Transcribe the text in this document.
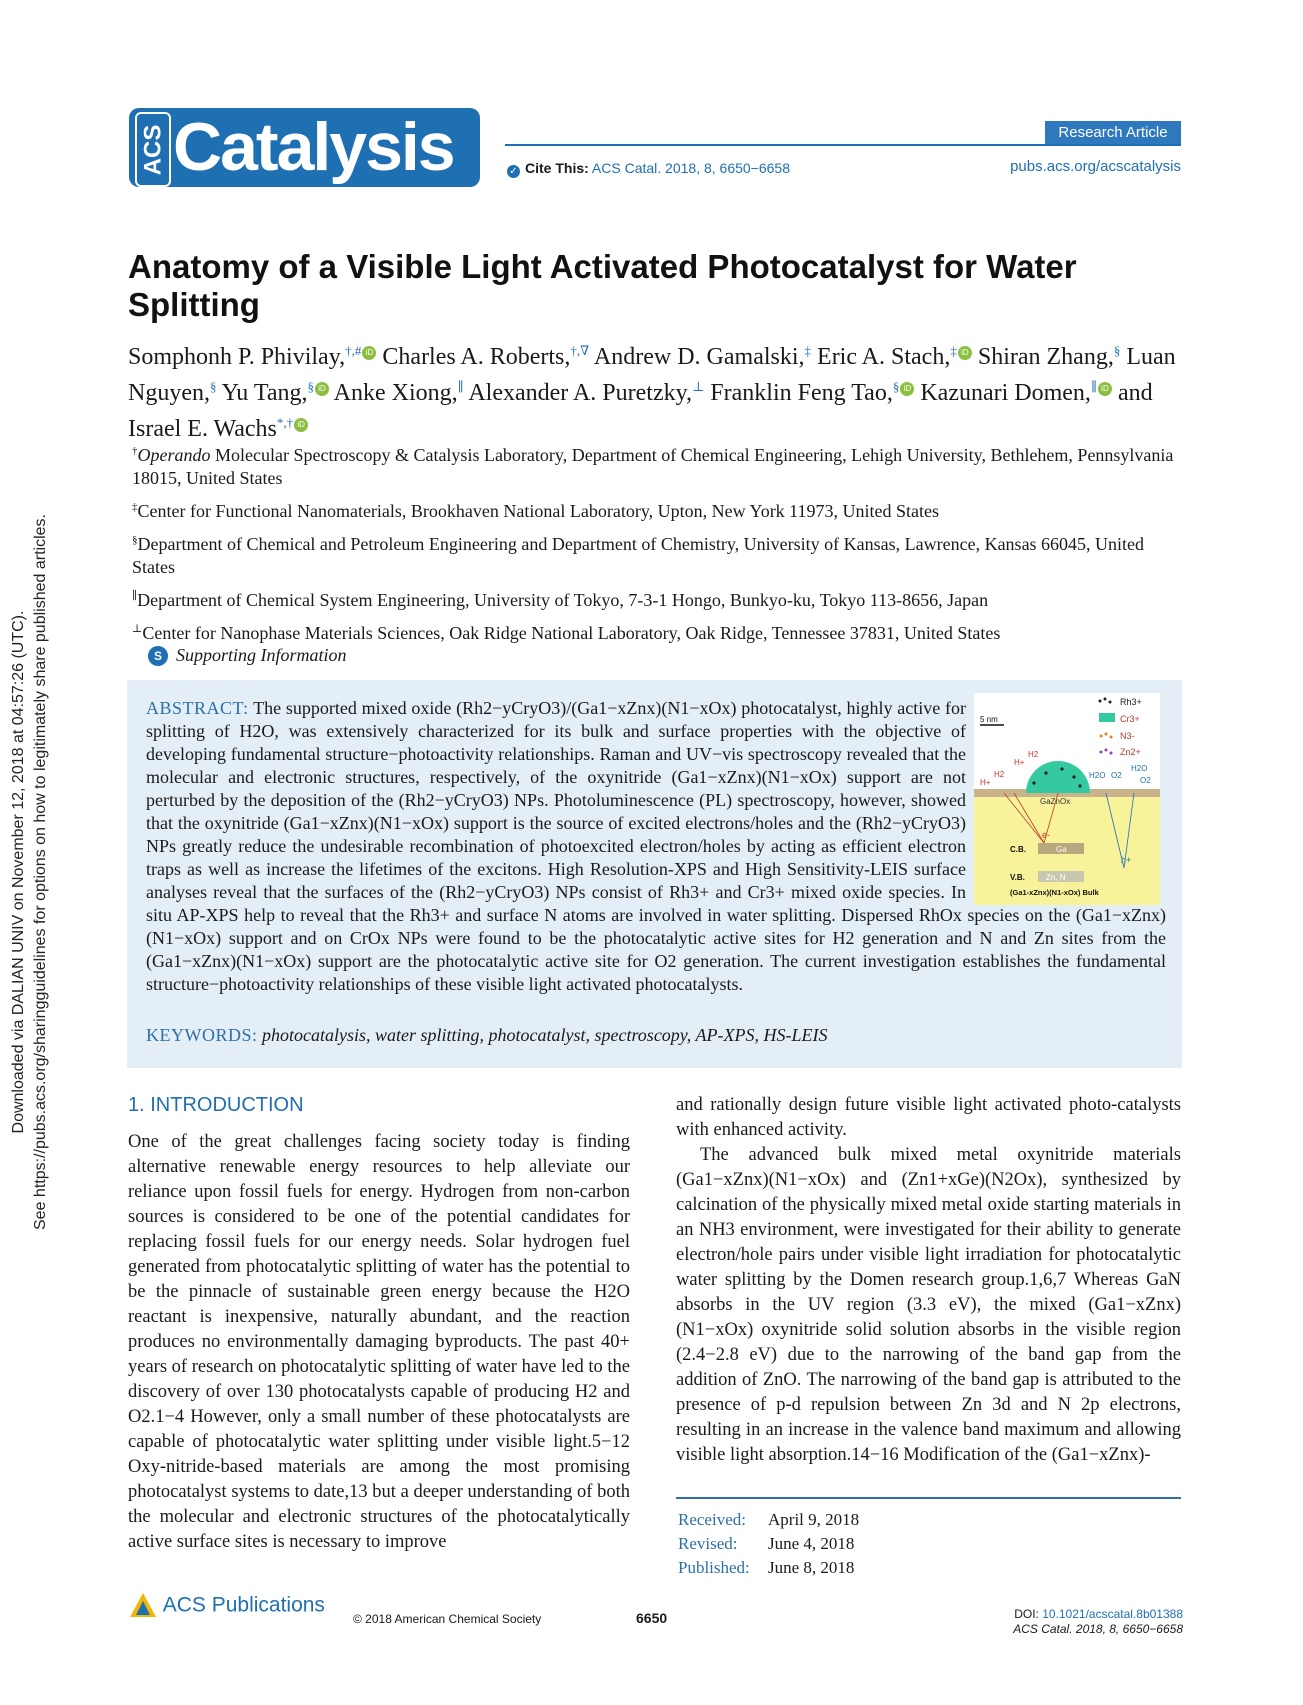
Downloaded via DALIAN UNIV on November 12, 2018 at 04:57:26 (UTC). See https://pubs.acs.org/sharingguidelines for options on how to legitimately share published articles.
ACS Catalysis	Research Article
✓ Cite This: ACS Catal. 2018, 8, 6650−6658	pubs.acs.org/acscatalysis
Anatomy of a Visible Light Activated Photocatalyst for Water Splitting
Somphonh P. Phivilay,†,# iD Charles A. Roberts,†,∇ Andrew D. Gamalski,‡ Eric A. Stach,‡ iD Shiran Zhang,§ Luan Nguyen,§ Yu Tang,§ iD Anke Xiong,∥ Alexander A. Puretzky,⊥ Franklin Feng Tao,§ iD Kazunari Domen,∥ iD and Israel E. Wachs*,† iD
†Operando Molecular Spectroscopy & Catalysis Laboratory, Department of Chemical Engineering, Lehigh University, Bethlehem, Pennsylvania 18015, United States
‡Center for Functional Nanomaterials, Brookhaven National Laboratory, Upton, New York 11973, United States
§Department of Chemical and Petroleum Engineering and Department of Chemistry, University of Kansas, Lawrence, Kansas 66045, United States
∥Department of Chemical System Engineering, University of Tokyo, 7-3-1 Hongo, Bunkyo-ku, Tokyo 113-8656, Japan
⊥Center for Nanophase Materials Sciences, Oak Ridge National Laboratory, Oak Ridge, Tennessee 37831, United States
S Supporting Information
ABSTRACT: The supported mixed oxide (Rh2−yCryO3)/(Ga1−xZnx)(N1−xOx) photocatalyst, highly active for splitting of H2O, was extensively characterized for its bulk and surface properties with the objective of developing fundamental structure−photoactivity relationships. Raman and UV−vis spectroscopy revealed that the molecular and electronic structures, respectively, of the oxynitride (Ga1−xZnx)(N1−xOx) support are not perturbed by the deposition of the (Rh2−yCryO3) NPs. Photoluminescence (PL) spectroscopy, however, showed that the oxynitride (Ga1−xZnx)(N1−xOx) support is the source of excited electrons/holes and the (Rh2−yCryO3) NPs greatly reduce the undesirable recombination of photoexcited electron/holes by acting as efficient electron traps as well as increase the lifetimes of the excitons. High Resolution-XPS and High Sensitivity-LEIS surface analyses reveal that the surfaces of the (Rh2−yCryO3) NPs consist of Rh3+ and Cr3+ mixed oxide species. In situ AP-XPS help to reveal that the Rh3+ and surface N atoms are involved in water splitting. Dispersed RhOx species on the (Ga1−xZnx)(N1−xOx) support and on CrOx NPs were found to be the photocatalytic active sites for H2 generation and N and Zn sites from the (Ga1−xZnx)(N1−xOx) support are the photocatalytic active site for O2 generation. The current investigation establishes the fundamental structure−photoactivity relationships of these visible light activated photocatalysts.
KEYWORDS: photocatalysis, water splitting, photocatalyst, spectroscopy, AP-XPS, HS-LEIS
Rh3+
Cr3+
N3-
Zn2+
5 nm
GaZnOx
H+
H2
H+
H2
H2O O2
H2O
O2
e-
h+
Ga
C.B.
Zn, N
V.B.
(Ga1-xZnx)(N1-xOx) Bulk
1. INTRODUCTION
One of the great challenges facing society today is finding alternative renewable energy resources to help alleviate our reliance upon fossil fuels for energy. Hydrogen from non-carbon sources is considered to be one of the potential candidates for replacing fossil fuels for our energy needs. Solar hydrogen fuel generated from photocatalytic splitting of water has the potential to be the pinnacle of sustainable green energy because the H2O reactant is inexpensive, naturally abundant, and the reaction produces no environmentally damaging byproducts. The past 40+ years of research on photocatalytic splitting of water have led to the discovery of over 130 photocatalysts capable of producing H2 and O2.1−4 However, only a small number of these photocatalysts are capable of photocatalytic water splitting under visible light.5−12 Oxy-nitride-based materials are among the most promising photocatalyst systems to date,13 but a deeper understanding of both the molecular and electronic structures of the photocatalytically active surface sites is necessary to improve
and rationally design future visible light activated photo-catalysts with enhanced activity.
The advanced bulk mixed metal oxynitride materials (Ga1−xZnx)(N1−xOx) and (Zn1+xGe)(N2Ox), synthesized by calcination of the physically mixed metal oxide starting materials in an NH3 environment, were investigated for their ability to generate electron/hole pairs under visible light irradiation for photocatalytic water splitting by the Domen research group.1,6,7 Whereas GaN absorbs in the UV region (3.3 eV), the mixed (Ga1−xZnx)(N1−xOx) oxynitride solid solution absorbs in the visible region (2.4−2.8 eV) due to the narrowing of the band gap from the addition of ZnO. The narrowing of the band gap is attributed to the presence of p-d repulsion between Zn 3d and N 2p electrons, resulting in an increase in the valence band maximum and allowing visible light absorption.14−16 Modification of the (Ga1−xZnx)-
Received: April 9, 2018
Revised: June 4, 2018
Published: June 8, 2018
ACS Publications
© 2018 American Chemical Society	6650	DOI: 10.1021/acscatal.8b01388
ACS Catal. 2018, 8, 6650−6658
